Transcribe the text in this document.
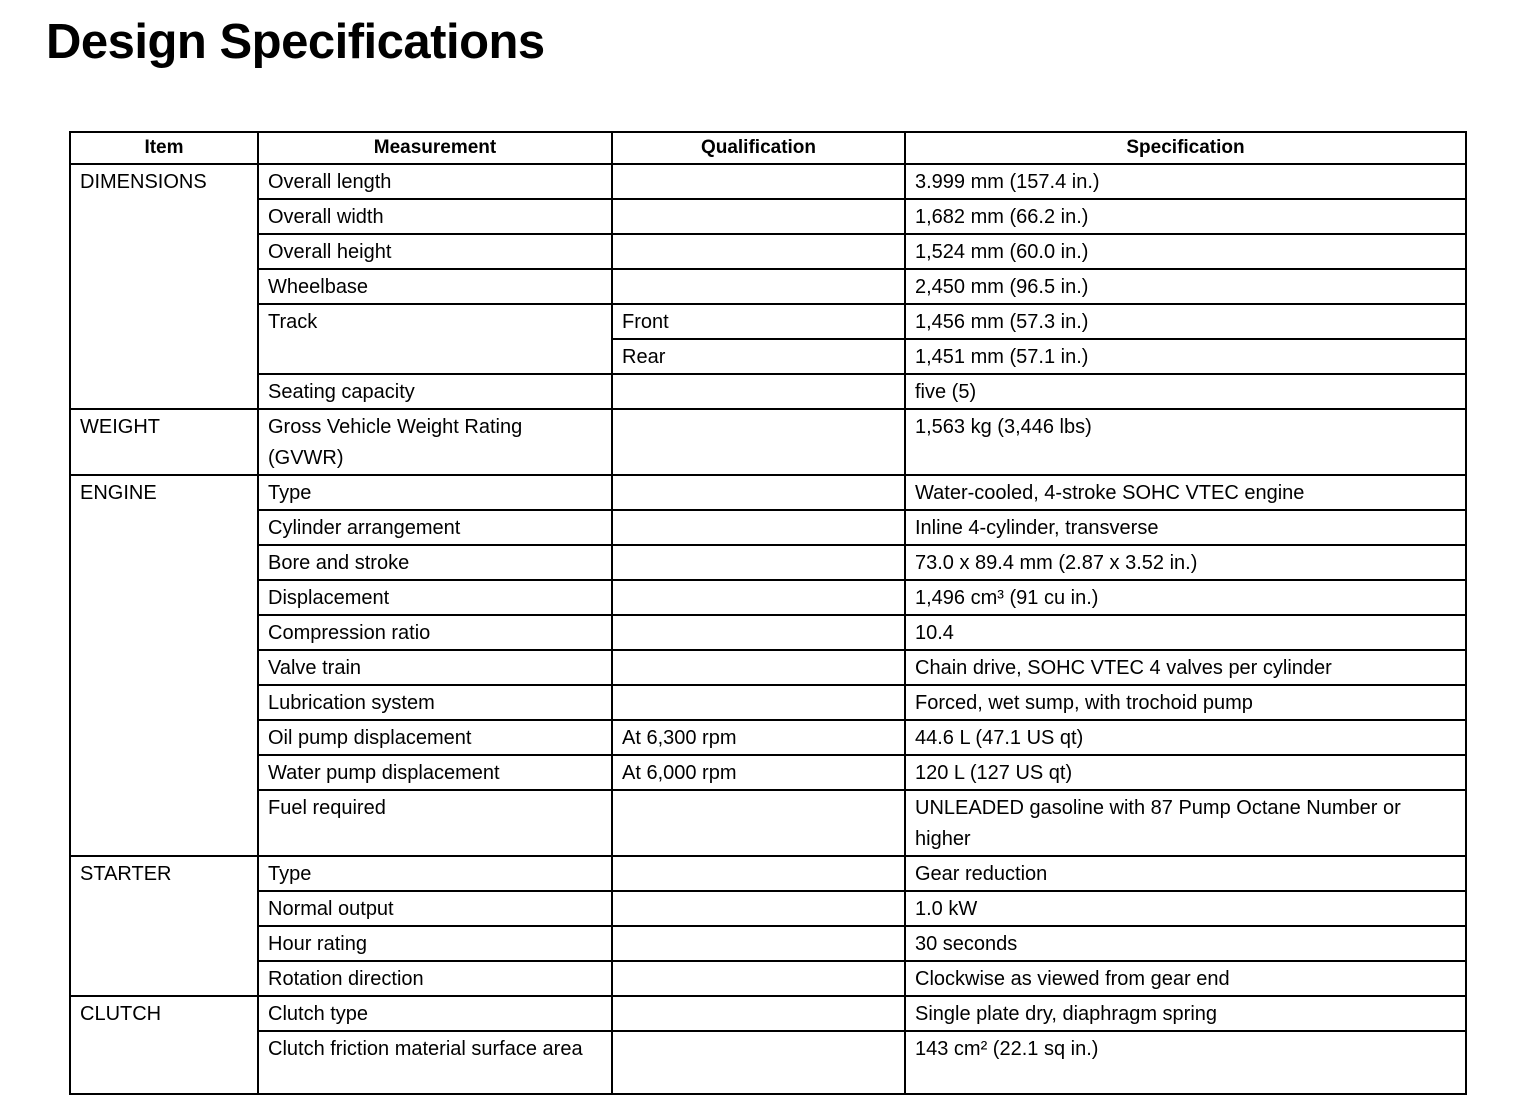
Design Specifications
Item	Measurement	Qualification	Specification
DIMENSIONS	Overall length		3.999 mm (157.4 in.)
	Overall width		1,682 mm (66.2 in.)
	Overall height		1,524 mm (60.0 in.)
	Wheelbase		2,450 mm (96.5 in.)
	Track	Front	1,456 mm (57.3 in.)
		Rear	1,451 mm (57.1 in.)
	Seating capacity		five (5)
WEIGHT	Gross Vehicle Weight Rating (GVWR)		1,563 kg (3,446 lbs)
ENGINE	Type		Water-cooled, 4-stroke SOHC VTEC engine
	Cylinder arrangement		Inline 4-cylinder, transverse
	Bore and stroke		73.0 x 89.4 mm (2.87 x 3.52 in.)
	Displacement		1,496 cm³ (91 cu in.)
	Compression ratio		10.4
	Valve train		Chain drive, SOHC VTEC 4 valves per cylinder
	Lubrication system		Forced, wet sump, with trochoid pump
	Oil pump displacement	At 6,300 rpm	44.6 L (47.1 US qt)
	Water pump displacement	At 6,000 rpm	120 L (127 US qt)
	Fuel required		UNLEADED gasoline with 87 Pump Octane Number or higher
STARTER	Type		Gear reduction
	Normal output		1.0 kW
	Hour rating		30 seconds
	Rotation direction		Clockwise as viewed from gear end
CLUTCH	Clutch type		Single plate dry, diaphragm spring
	Clutch friction material surface area		143 cm² (22.1 sq in.)
